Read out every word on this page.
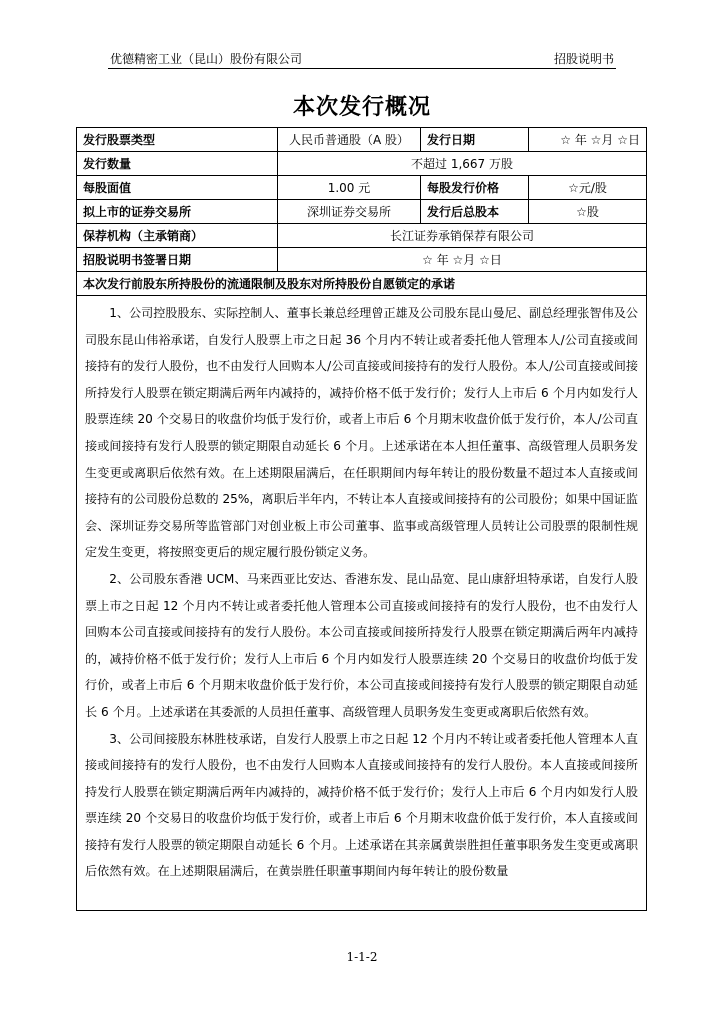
优德精密工业（昆山）股份有限公司	招股说明书
本次发行概况
发行股票类型	人民币普通股（A 股）	发行日期	☆ 年 ☆月 ☆日
发行数量	不超过 1,667 万股		
每股面值	1.00 元	每股发行价格	☆元/股
拟上市的证券交易所	深圳证券交易所	发行后总股本	☆股
保荐机构（主承销商）	长江证券承销保荐有限公司		
招股说明书签署日期	☆ 年 ☆月 ☆日		
本次发行前股东所持股份的流通限制及股东对所持股份自愿锁定的承诺			

1、公司控股股东、实际控制人、董事长兼总经理曾正雄及公司股东昆山曼尼、副总经理张智伟及公司股东昆山伟裕承诺，自发行人股票上市之日起 36 个月内不转让或者委托他人管理本人/公司直接或间接持有的发行人股份，也不由发行人回购本人/公司直接或间接持有的发行人股份。本人/公司直接或间接所持发行人股票在锁定期满后两年内减持的，减持价格不低于发行价；发行人上市后 6 个月内如发行人股票连续 20 个交易日的收盘价均低于发行价，或者上市后 6 个月期末收盘价低于发行价，本人/公司直接或间接持有发行人股票的锁定期限自动延长 6 个月。上述承诺在本人担任董事、高级管理人员职务发生变更或离职后依然有效。在上述期限届满后，在任职期间内每年转让的股份数量不超过本人直接或间接持有的公司股份总数的 25%，离职后半年内，不转让本人直接或间接持有的公司股份；如果中国证监会、深圳证券交易所等监管部门对创业板上市公司董事、监事或高级管理人员转让公司股票的限制性规定发生变更，将按照变更后的规定履行股份锁定义务。

2、公司股东香港 UCM、马来西亚比安达、香港东发、昆山品宽、昆山康舒坦特承诺，自发行人股票上市之日起 12 个月内不转让或者委托他人管理本公司直接或间接持有的发行人股份，也不由发行人回购本公司直接或间接持有的发行人股份。本公司直接或间接所持发行人股票在锁定期满后两年内减持的，减持价格不低于发行价；发行人上市后 6 个月内如发行人股票连续 20 个交易日的收盘价均低于发行价，或者上市后 6 个月期末收盘价低于发行价，本公司直接或间接持有发行人股票的锁定期限自动延长 6 个月。上述承诺在其委派的人员担任董事、高级管理人员职务发生变更或离职后依然有效。

3、公司间接股东林胜枝承诺，自发行人股票上市之日起 12 个月内不转让或者委托他人管理本人直接或间接持有的发行人股份，也不由发行人回购本人直接或间接持有的发行人股份。本人直接或间接所持发行人股票在锁定期满后两年内减持的，减持价格不低于发行价；发行人上市后 6 个月内如发行人股票连续 20 个交易日的收盘价均低于发行价，或者上市后 6 个月期末收盘价低于发行价，本人直接或间接持有发行人股票的锁定期限自动延长 6 个月。上述承诺在其亲属黄崇胜担任董事职务发生变更或离职后依然有效。在上述期限届满后，在黄崇胜任职董事期间内每年转让的股份数量			

1-1-2
